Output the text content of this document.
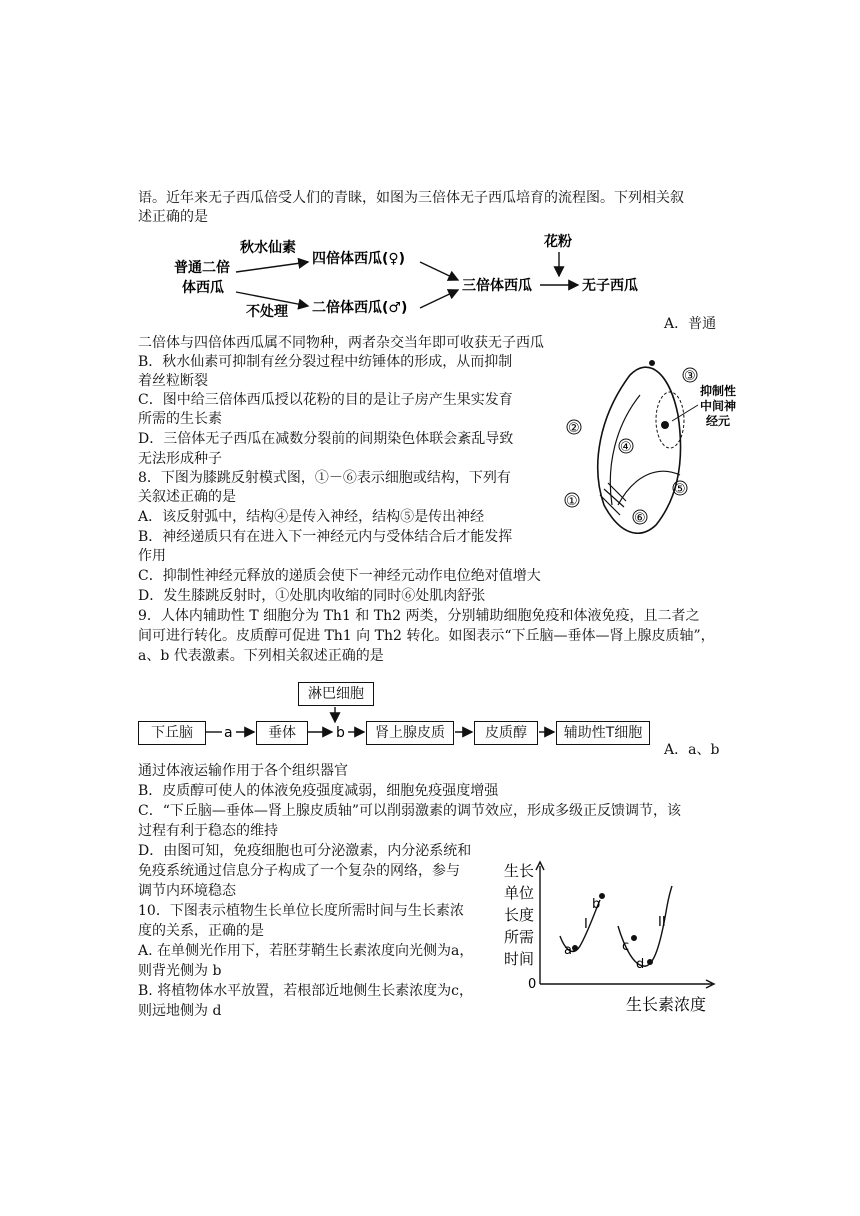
语。近年来无子西瓜倍受人们的青睐，如图为三倍体无子西瓜培育的流程图。下列相关叙
述正确的是
普通二倍
体西瓜
秋水仙素
四倍体西瓜(♀)
不处理 二倍体西瓜(♂)
三倍体西瓜
花粉
无子西瓜
A．普通
二倍体与四倍体西瓜属不同物种，两者杂交当年即可收获无子西瓜
B．秋水仙素可抑制有丝分裂过程中纺锤体的形成，从而抑制
着丝粒断裂
C．图中给三倍体西瓜授以花粉的目的是让子房产生果实发育
所需的生长素
D．三倍体无子西瓜在减数分裂前的间期染色体联会紊乱导致
无法形成种子
③
②
④
⑤
①
⑥
抑制性
中间神
经元
8．下图为膝跳反射模式图，①－⑥表示细胞或结构，下列有
关叙述正确的是
A．该反射弧中，结构④是传入神经，结构⑤是传出神经
B．神经递质只有在进入下一神经元内与受体结合后才能发挥
作用
C．抑制性神经元释放的递质会使下一神经元动作电位绝对值增大
D．发生膝跳反射时，①处肌肉收缩的同时⑥处肌肉舒张
9．人体内辅助性 T 细胞分为 Th1 和 Th2 两类，分别辅助细胞免疫和体液免疫，且二者之
间可进行转化。皮质醇可促进 Th1 向 Th2 转化。如图表示“下丘脑—垂体—肾上腺皮质轴”，
a、b 代表激素。下列相关叙述正确的是
淋巴细胞
下丘脑	垂体	肾上腺皮质	皮质醇	辅助性T细胞
a	b
A．a、b
通过体液运输作用于各个组织器官
B．皮质醇可使人的体液免疫强度减弱，细胞免疫强度增强
C．“下丘脑—垂体—肾上腺皮质轴”可以削弱激素的调节效应，形成多级正反馈调节，该
过程有利于稳态的维持
D．由图可知，免疫细胞也可分泌激素，内分泌系统和
免疫系统通过信息分子构成了一个复杂的网络，参与
调节内环境稳态
生长
单位
长度
所需
时间
0
a
b
c
d
I	II
生长素浓度
10．下图表示植物生长单位长度所需时间与生长素浓
度的关系，正确的是
A. 在单侧光作用下，若胚芽鞘生长素浓度向光侧为a，
则背光侧为 b
B. 将植物体水平放置，若根部近地侧生长素浓度为c，
则远地侧为 d
